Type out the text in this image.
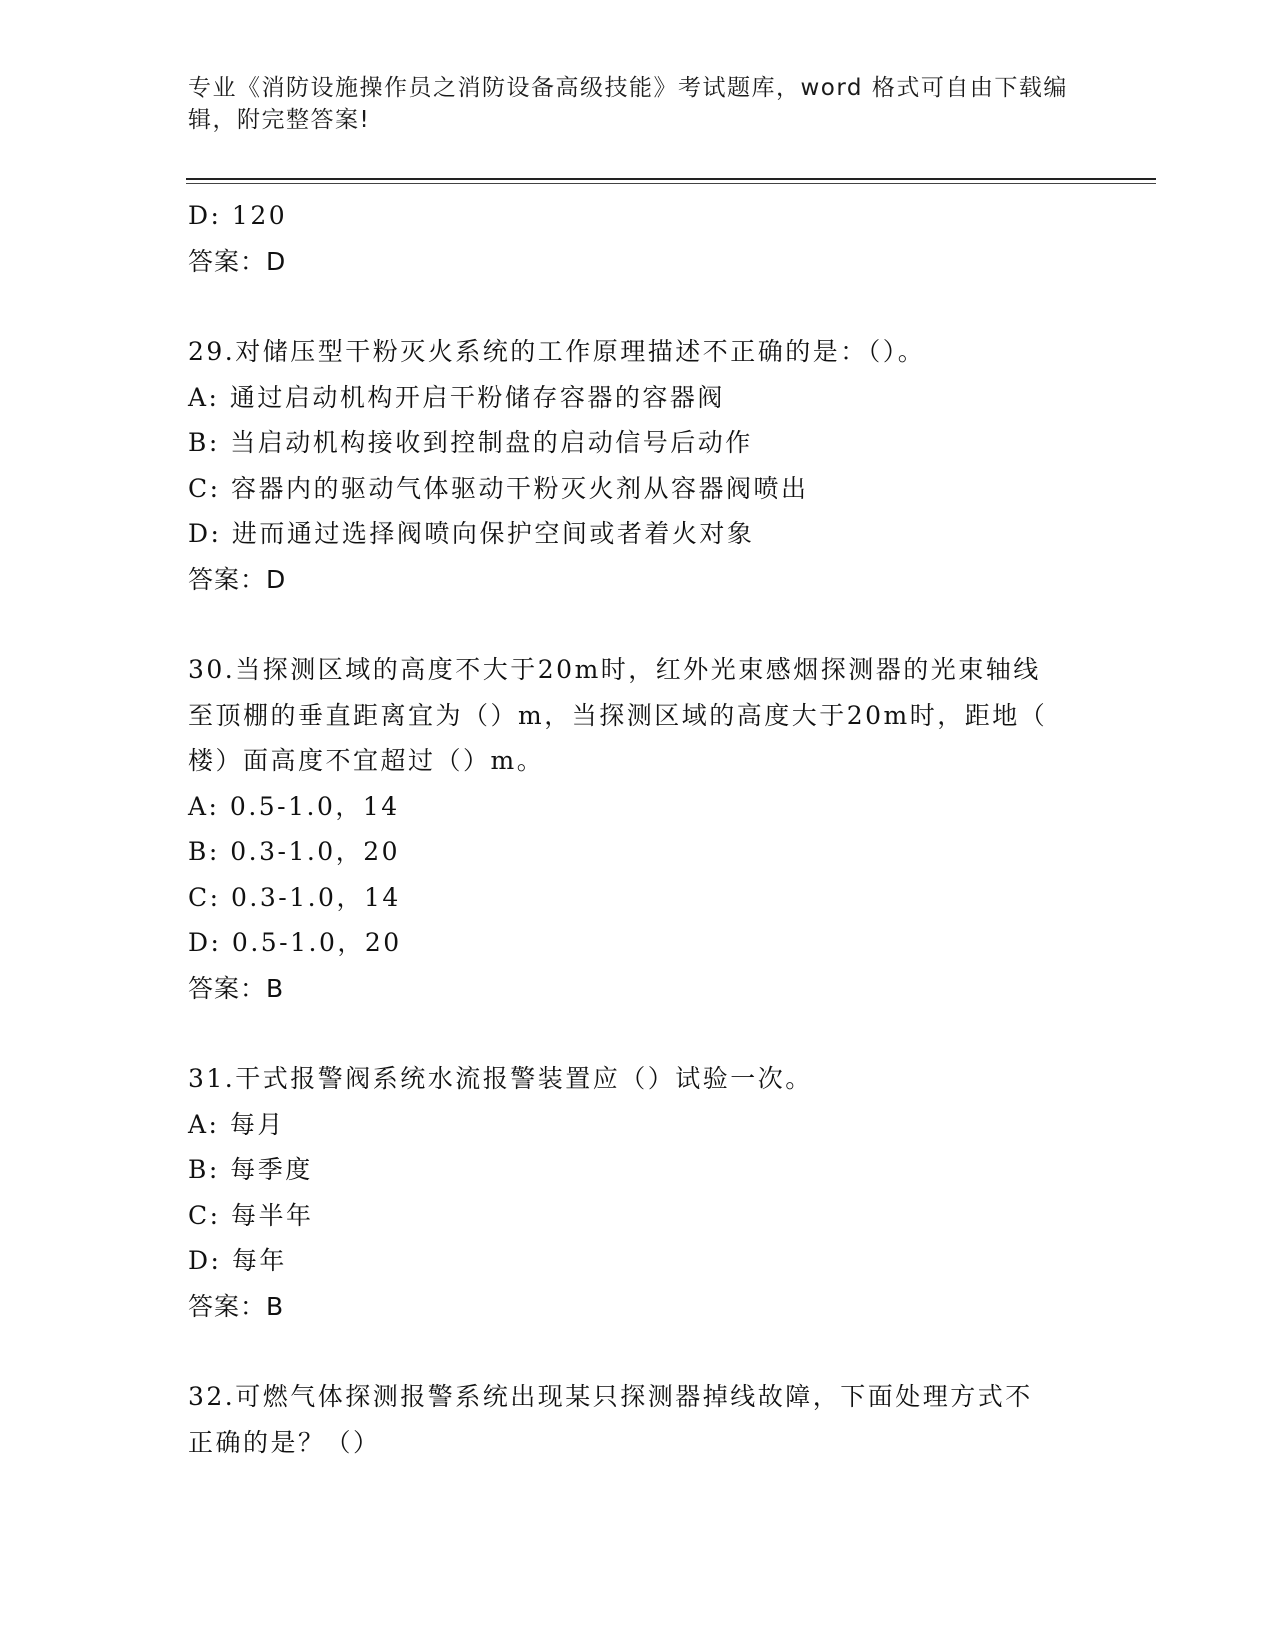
专业《消防设施操作员之消防设备高级技能》考试题库，word 格式可自由下载编
辑，附完整答案!
D: 120
答案：D
29.对储压型干粉灭火系统的工作原理描述不正确的是：（）。
A: 通过启动机构开启干粉储存容器的容器阀
B: 当启动机构接收到控制盘的启动信号后动作
C: 容器内的驱动气体驱动干粉灭火剂从容器阀喷出
D: 进而通过选择阀喷向保护空间或者着火对象
答案：D
30.当探测区域的高度不大于20m时，红外光束感烟探测器的光束轴线
至顶棚的垂直距离宜为（）m，当探测区域的高度大于20m时，距地（
楼）面高度不宜超过（）m。
A: 0.5-1.0，14
B: 0.3-1.0，20
C: 0.3-1.0，14
D: 0.5-1.0，20
答案：B
31.干式报警阀系统水流报警装置应（）试验一次。
A: 每月
B: 每季度
C: 每半年
D: 每年
答案：B
32.可燃气体探测报警系统出现某只探测器掉线故障，下面处理方式不
正确的是？（）
